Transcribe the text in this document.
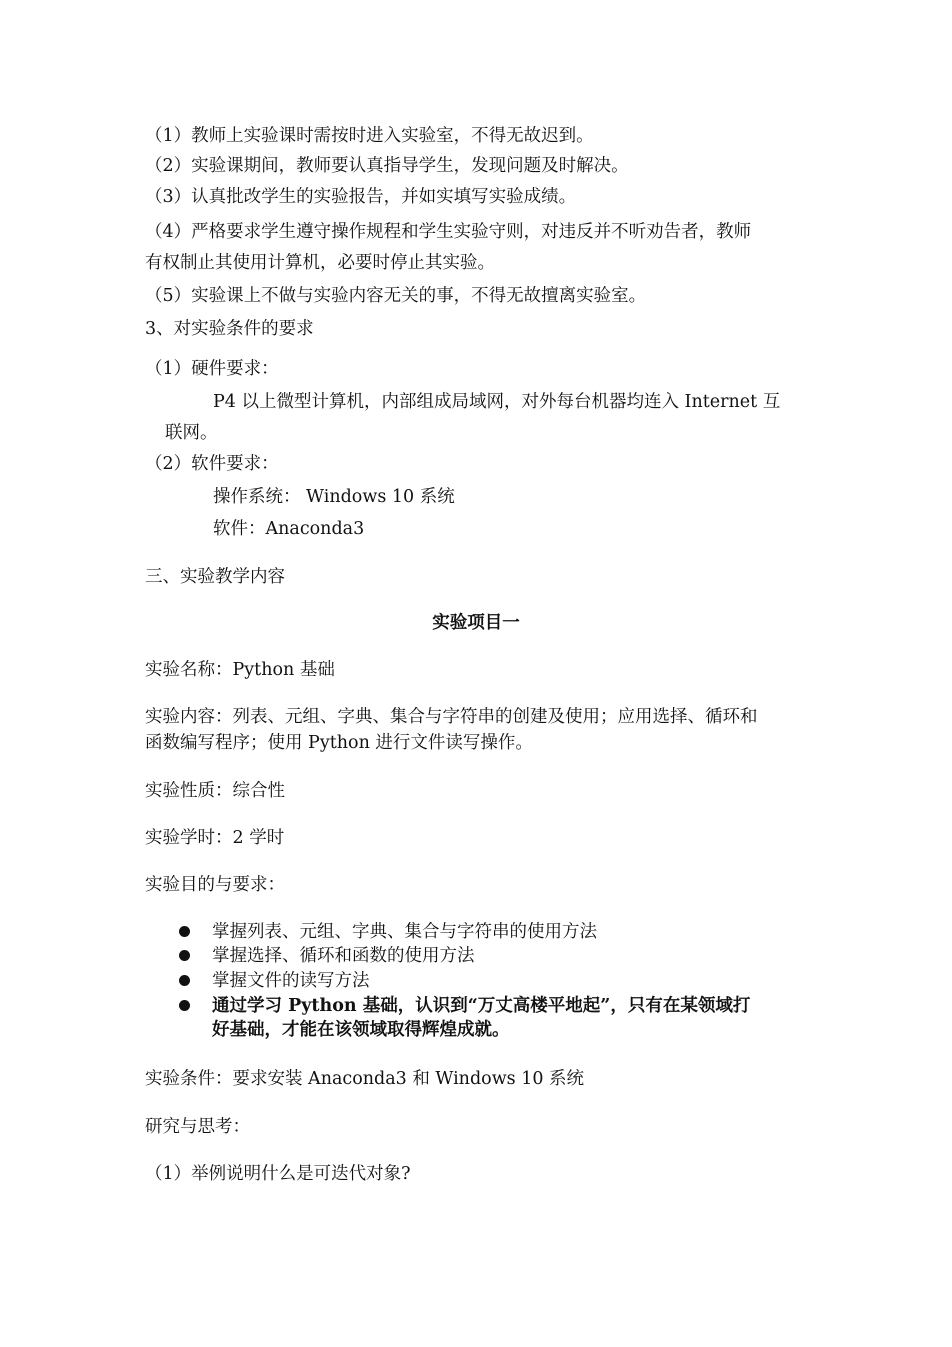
（1）教师上实验课时需按时进入实验室，不得无故迟到。
（2）实验课期间，教师要认真指导学生，发现问题及时解决。
（3）认真批改学生的实验报告，并如实填写实验成绩。
（4）严格要求学生遵守操作规程和学生实验守则，对违反并不听劝告者，教师
有权制止其使用计算机，必要时停止其实验。
（5）实验课上不做与实验内容无关的事，不得无故擅离实验室。
3、对实验条件的要求
（1）硬件要求：
P4 以上微型计算机，内部组成局域网，对外每台机器均连入 Internet 互
联网。
（2）软件要求：
操作系统： Windows 10 系统
软件：Anaconda3
三、实验教学内容
实验项目一
实验名称：Python 基础
实验内容：列表、元组、字典、集合与字符串的创建及使用；应用选择、循环和
函数编写程序；使用 Python 进行文件读写操作。
实验性质：综合性
实验学时：2 学时
实验目的与要求：
掌握列表、元组、字典、集合与字符串的使用方法
掌握选择、循环和函数的使用方法
掌握文件的读写方法
通过学习 Python 基础，认识到“万丈高楼平地起”，只有在某领域打
好基础，才能在该领域取得辉煌成就。
实验条件：要求安装 Anaconda3 和 Windows 10 系统
研究与思考：
（1）举例说明什么是可迭代对象?
